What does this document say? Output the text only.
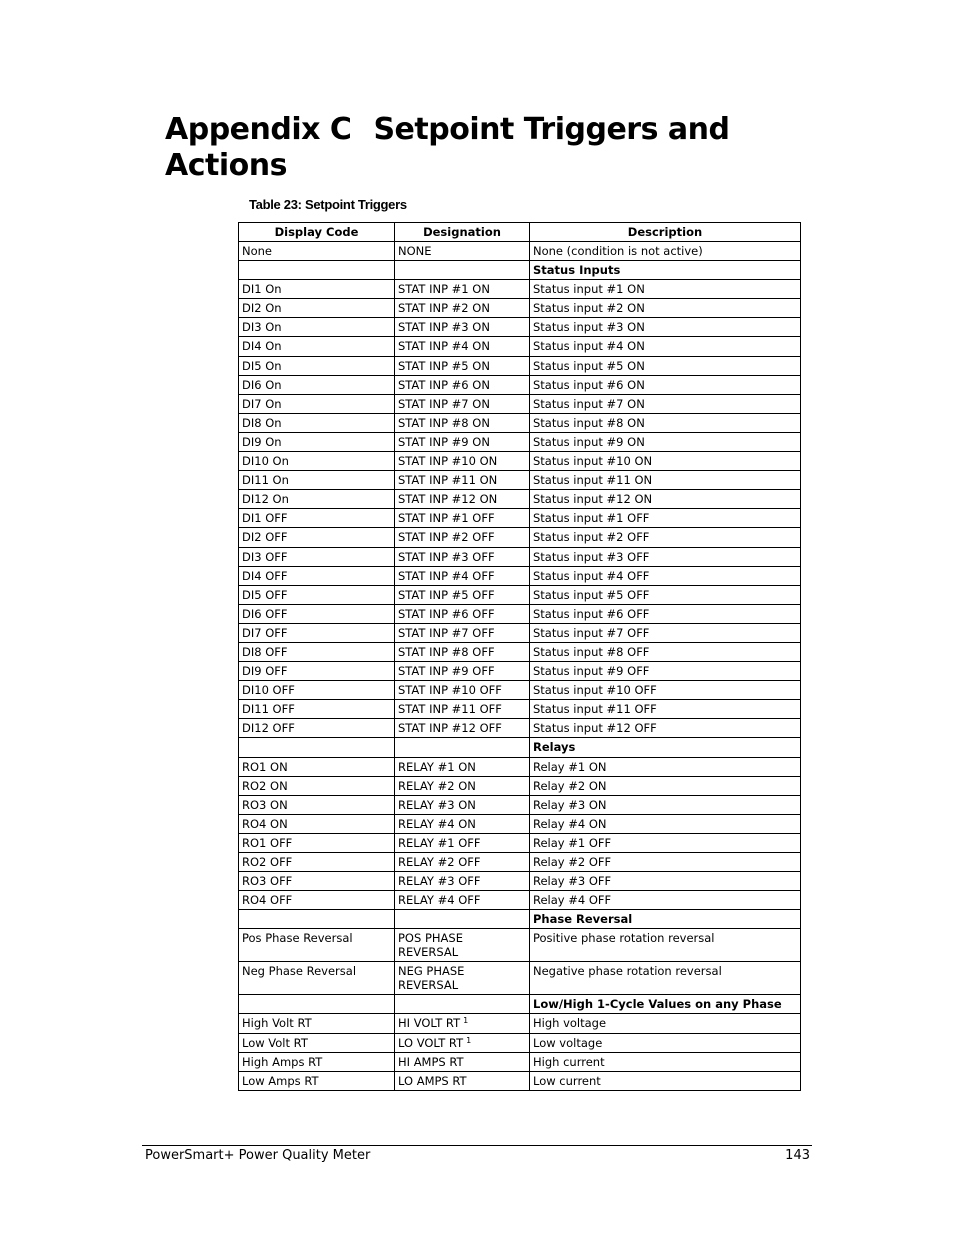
Appendix C Setpoint Triggers and Actions
Table 23: Setpoint Triggers
Display Code	Designation	Description
None	NONE	None (condition is not active)
		Status Inputs
DI1 On	STAT INP #1 ON	Status input #1 ON
DI2 On	STAT INP #2 ON	Status input #2 ON
DI3 On	STAT INP #3 ON	Status input #3 ON
DI4 On	STAT INP #4 ON	Status input #4 ON
DI5 On	STAT INP #5 ON	Status input #5 ON
DI6 On	STAT INP #6 ON	Status input #6 ON
DI7 On	STAT INP #7 ON	Status input #7 ON
DI8 On	STAT INP #8 ON	Status input #8 ON
DI9 On	STAT INP #9 ON	Status input #9 ON
DI10 On	STAT INP #10 ON	Status input #10 ON
DI11 On	STAT INP #11 ON	Status input #11 ON
DI12 On	STAT INP #12 ON	Status input #12 ON
DI1 OFF	STAT INP #1 OFF	Status input #1 OFF
DI2 OFF	STAT INP #2 OFF	Status input #2 OFF
DI3 OFF	STAT INP #3 OFF	Status input #3 OFF
DI4 OFF	STAT INP #4 OFF	Status input #4 OFF
DI5 OFF	STAT INP #5 OFF	Status input #5 OFF
DI6 OFF	STAT INP #6 OFF	Status input #6 OFF
DI7 OFF	STAT INP #7 OFF	Status input #7 OFF
DI8 OFF	STAT INP #8 OFF	Status input #8 OFF
DI9 OFF	STAT INP #9 OFF	Status input #9 OFF
DI10 OFF	STAT INP #10 OFF	Status input #10 OFF
DI11 OFF	STAT INP #11 OFF	Status input #11 OFF
DI12 OFF	STAT INP #12 OFF	Status input #12 OFF
		Relays
RO1 ON	RELAY #1 ON	Relay #1 ON
RO2 ON	RELAY #2 ON	Relay #2 ON
RO3 ON	RELAY #3 ON	Relay #3 ON
RO4 ON	RELAY #4 ON	Relay #4 ON
RO1 OFF	RELAY #1 OFF	Relay #1 OFF
RO2 OFF	RELAY #2 OFF	Relay #2 OFF
RO3 OFF	RELAY #3 OFF	Relay #3 OFF
RO4 OFF	RELAY #4 OFF	Relay #4 OFF
		Phase Reversal
Pos Phase Reversal	POS PHASE REVERSAL	Positive phase rotation reversal
Neg Phase Reversal	NEG PHASE REVERSAL	Negative phase rotation reversal
		Low/High 1-Cycle Values on any Phase
High Volt RT	HI VOLT RT $^1$	High voltage
Low Volt RT	LO VOLT RT $^1$	Low voltage
High Amps RT	HI AMPS RT	High current
Low Amps RT	LO AMPS RT	Low current
PowerSmart+ Power Quality Meter	143
